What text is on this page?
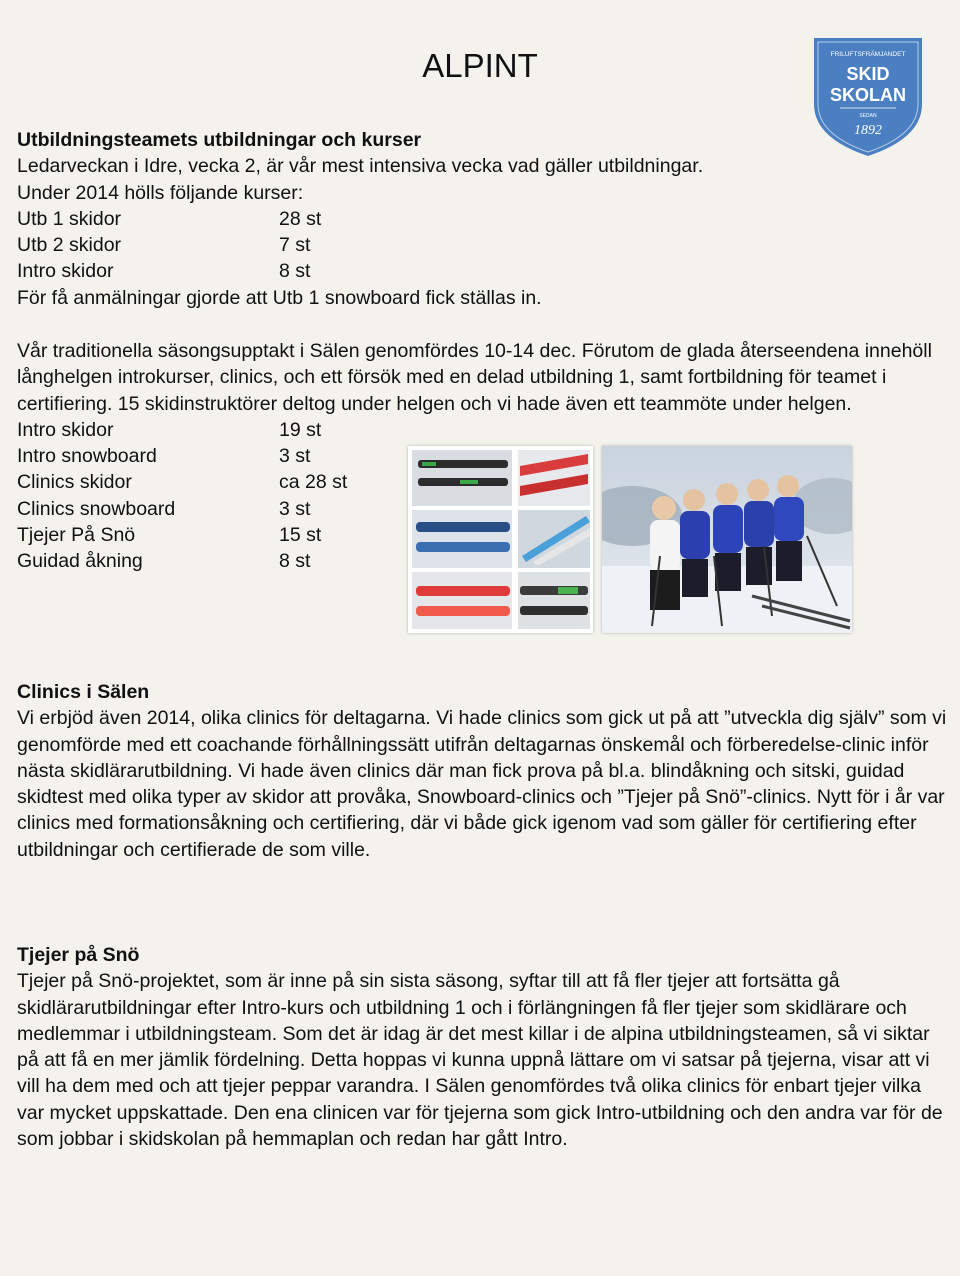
ALPINT	FRILUFTSFRÄMJANDET
SKID
SKOLAN
SEDAN
1892

Utbildningsteamets utbildningar och kurser

Ledarveckan i Idre, vecka 2, är vår mest intensiva vecka vad gäller utbildningar.

Under 2014 hölls följande kurser:

Utb 1 skidor	28 st
Utb 2 skidor	7 st
Intro skidor	8 st

För få anmälningar gjorde att Utb 1 snowboard fick ställas in.

Vår traditionella säsongsupptakt i Sälen genomfördes 10-14 dec. Förutom de glada återseendena innehöll långhelgen introkurser, clinics, och ett försök med en delad utbildning 1, samt fortbildning för teamet i certifiering. 15 skidinstruktörer deltog under helgen och vi hade även ett teammöte under helgen.

Intro skidor	19 st
Intro snowboard	3 st
Clinics skidor	ca 28 st
Clinics snowboard	3 st
Tjejer På Snö	15 st
Guidad åkning	8 st

Clinics i Sälen

Vi erbjöd även 2014, olika clinics för deltagarna. Vi hade clinics som gick ut på att ”utveckla dig själv” som vi genomförde med ett coachande förhållningssätt utifrån deltagarnas önskemål och förberedelse-clinic inför nästa skidlärarutbildning. Vi hade även clinics där man fick prova på bl.a. blindåkning och sitski, guidad skidtest med olika typer av skidor att provåka, Snowboard-clinics och ”Tjejer på Snö”-clinics. Nytt för i år var clinics med formationsåkning och certifiering, där vi både gick igenom vad som gäller för certifiering efter utbildningar och certifierade de som ville.

Tjejer på Snö

Tjejer på Snö-projektet, som är inne på sin sista säsong, syftar till att få fler tjejer att fortsätta gå skidlärarutbildningar efter Intro-kurs och utbildning 1 och i förlängningen få fler tjejer som skidlärare och medlemmar i utbildningsteam. Som det är idag är det mest killar i de alpina utbildningsteamen, så vi siktar på att få en mer jämlik fördelning. Detta hoppas vi kunna uppnå lättare om vi satsar på tjejerna, visar att vi vill ha dem med och att tjejer peppar varandra. I Sälen genomfördes två olika clinics för enbart tjejer vilka var mycket uppskattade. Den ena clinicen var för tjejerna som gick Intro-utbildning och den andra var för de som jobbar i skidskolan på hemmaplan och redan har gått Intro.
